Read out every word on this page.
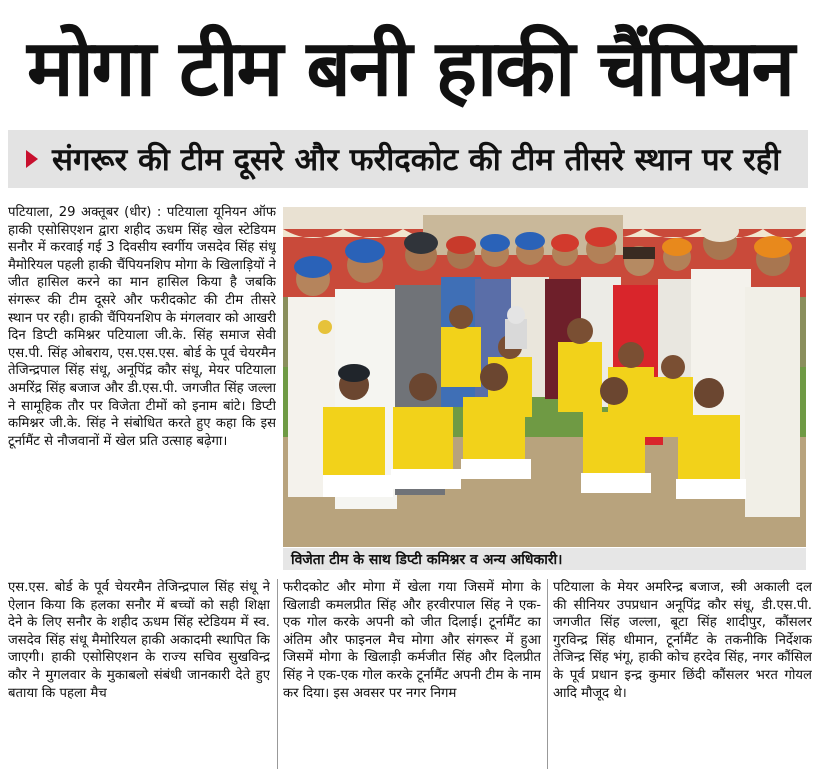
मोगा टीम बनी हाकी चैंपियन
संगरूर की टीम दूसरे और फरीदकोट की टीम तीसरे स्थान पर रही

पटियाला, 29 अक्तूबर (धीर) : पटियाला यूनियन ऑफ हाकी एसोसिएशन द्वारा शहीद ऊधम सिंह खेल स्टेडियम सनौर में करवाई गई 3 दिवसीय स्वर्गीय जसदेव सिंह संधू मैमोरियल पहली हाकी चैंपियनशिप मोगा के खिलाड़ियों ने जीत हासिल करने का मान हासिल किया है जबकि संगरूर की टीम दूसरे और फरीदकोट की टीम तीसरे स्थान पर रही। हाकी चैंपियनशिप के मंगलवार को आखरी दिन डिप्टी कमिश्नर पटियाला जी.के. सिंह समाज सेवी एस.पी. सिंह ओबराय, एस.एस.एस. बोर्ड के पूर्व चेयरमैन तेजिन्द्रपाल सिंह संधू, अनूपिंद्र कौर संधू, मेयर पटियाला अमरिंद्र सिंह बजाज और डी.एस.पी. जगजीत सिंह जल्ला ने सामूहिक तौर पर विजेता टीमों को इनाम बांटे। डिप्टी कमिश्नर जी.के. सिंह ने संबोधित करते हुए कहा कि इस टूर्नामैंट से नौजवानों में खेल प्रति उत्साह बढ़ेगा।

विजेता टीम के साथ डिप्टी कमिश्नर व अन्य अधिकारी।

एस.एस. बोर्ड के पूर्व चेयरमैन तेजिन्द्रपाल सिंह संधू ने ऐलान किया कि हलका सनौर में बच्चों को सही शिक्षा देने के लिए सनौर के शहीद ऊधम सिंह स्टेडियम में स्व. जसदेव सिंह संधू मैमोरियल हाकी अकादमी स्थापित कि जाएगी। हाकी एसोसिएशन के राज्य सचिव सुखविन्द्र कौर ने मुगलवार के मुकाबलो संबंधी जानकारी देते हुए बताया कि पहला मैच

फरीदकोट और मोगा में खेला गया जिसमें मोगा के खिलाडी कमलप्रीत सिंह और हरवीरपाल सिंह ने एक-एक गोल करके अपनी को जीत दिलाई। टूर्नामैंट का अंतिम और फाइनल मैच मोगा और संगरूर में हुआ जिसमें मोगा के खिलाड़ी कर्मजीत सिंह और दिलप्रीत सिंह ने एक-एक गोल करके टूर्नामैंट अपनी टीम के नाम कर दिया। इस अवसर पर नगर निगम

पटियाला के मेयर अमरिन्द्र बजाज, स्त्री अकाली दल की सीनियर उपप्रधान अनूपिंद्र कौर संधू, डी.एस.पी. जगजीत सिंह जल्ला, बूटा सिंह शादीपुर, कौंसलर गुरविन्द्र सिंह धीमान, टूर्नामैंट के तकनीकि निर्देशक तेजिन्द्र सिंह भंगू, हाकी कोच हरदेव सिंह, नगर कौंसिल के पूर्व प्रधान इन्द्र कुमार छिंदी कौंसलर भरत गोयल आदि मौजूद थे।
